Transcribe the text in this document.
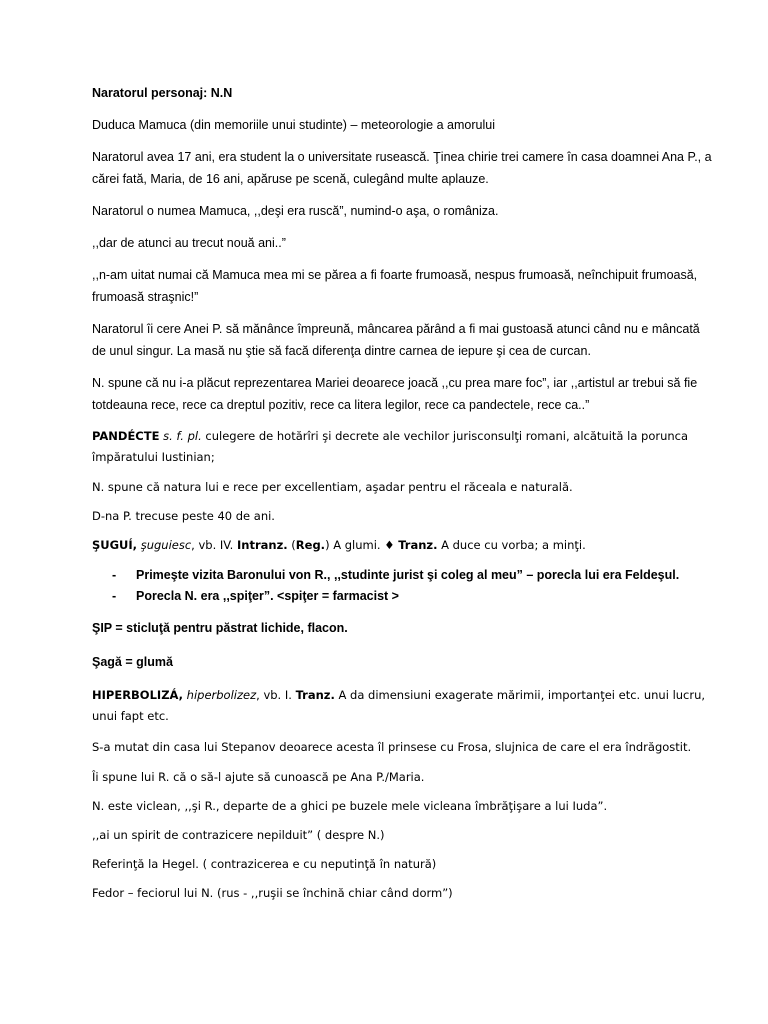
Naratorul personaj: N.N

Duduca Mamuca (din memoriile unui studinte) – meteorologie a amorului

Naratorul avea 17 ani, era student la o universitate rusească. Ţinea chirie trei camere în casa doamnei Ana P., a cărei fată, Maria, de 16 ani, apăruse pe scenă, culegând multe aplauze.

Naratorul o numea Mamuca, ,,deşi era ruscă”, numind-o aşa, o româniza.

,,dar de atunci au trecut nouă ani..”

,,n-am uitat numai că Mamuca mea mi se părea a fi foarte frumoasă, nespus frumoasă, neînchipuit frumoasă, frumoasă straşnic!”

Naratorul îi cere Anei P. să mănânce împreună, mâncarea părând a fi mai gustoasă atunci când nu e mâncată de unul singur. La masă nu ştie să facă diferenţa dintre carnea de iepure şi cea de curcan.

N. spune că nu i-a plăcut reprezentarea Mariei deoarece joacă ,,cu prea mare foc”, iar ,,artistul ar trebui să fie totdeauna rece, rece ca dreptul pozitiv, rece ca litera legilor, rece ca pandectele, rece ca..”

PANDÉCTE s. f. pl. culegere de hotărîri şi decrete ale vechilor jurisconsulţi romani, alcătuită la porunca împăratului Iustinian;

N. spune că natura lui e rece per excellentiam, aşadar pentru el răceala e naturală.

D-na P. trecuse peste 40 de ani.

ŞUGUÍ, şuguiesc, vb. IV. Intranz. (Reg.) A glumi. ♦ Tranz. A duce cu vorba; a minţi.

- Primeşte vizita Baronului von R., ,,studinte jurist şi coleg al meu” – porecla lui era Feldeşul.
- Porecla N. era ,,spiţer”. <spiţer = farmacist >

ŞIP = sticluţă pentru păstrat lichide, flacon.

Şagă = glumă

HIPERBOLIZÁ, hiperbolizez, vb. I. Tranz. A da dimensiuni exagerate mărimii, importanţei etc. unui lucru, unui fapt etc.

S-a mutat din casa lui Stepanov deoarece acesta îl prinsese cu Frosa, slujnica de care el era îndrăgostit.

Îi spune lui R. că o să-l ajute să cunoască pe Ana P./Maria.

N. este viclean, ,,şi R., departe de a ghici pe buzele mele vicleana îmbrăţişare a lui Iuda”.

,,ai un spirit de contrazicere nepilduit” ( despre N.)

Referinţă la Hegel. ( contrazicerea e cu neputinţă în natură)

Fedor – feciorul lui N. (rus - ,,ruşii se închină chiar când dorm”)
